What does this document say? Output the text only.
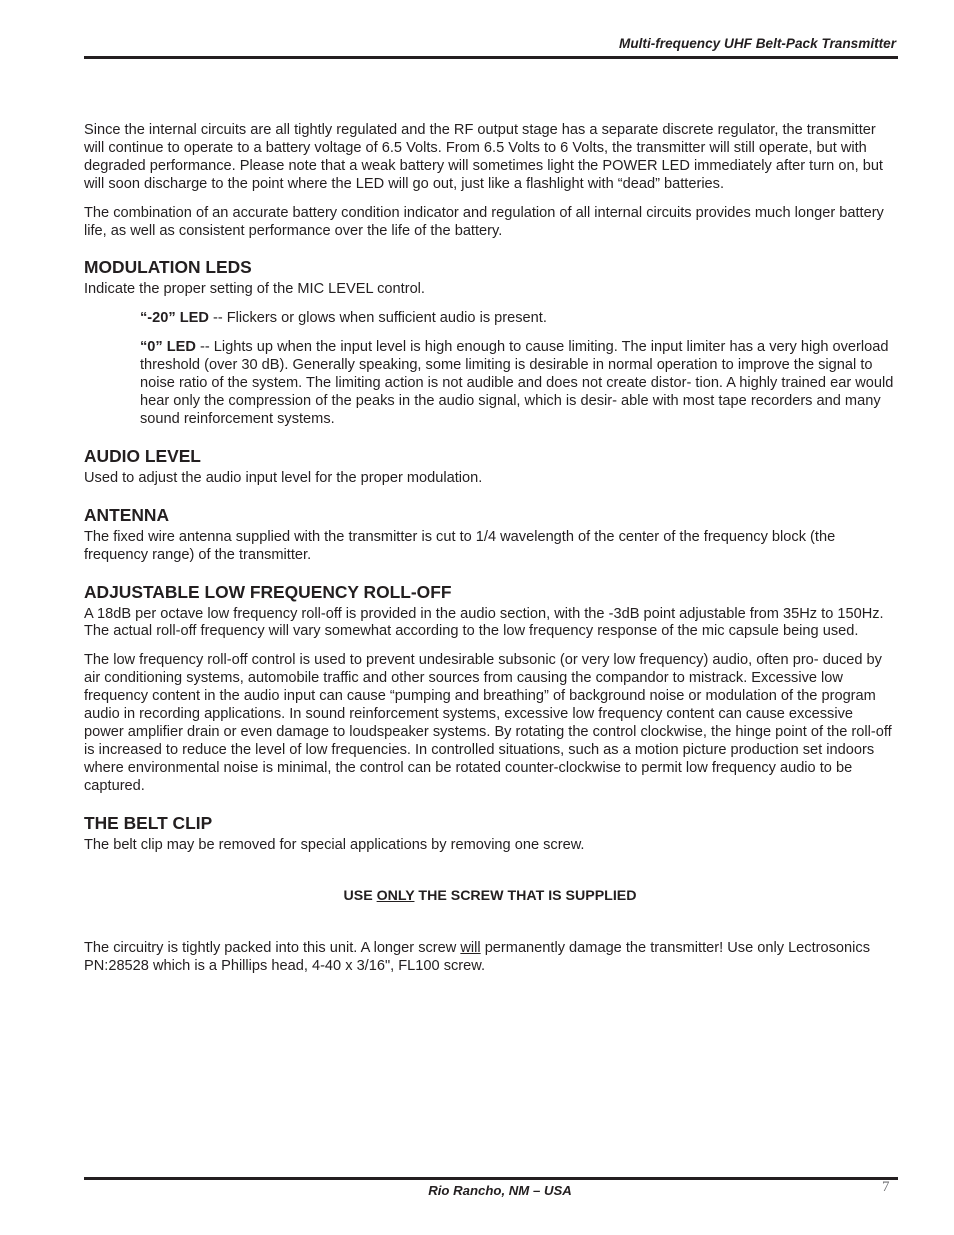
Multi-frequency UHF Belt-Pack Transmitter

Since the internal circuits are all tightly regulated and the RF output stage has a separate discrete regulator, the transmitter will continue to operate to a battery voltage of 6.5 Volts. From 6.5 Volts to 6 Volts, the transmitter will still operate, but with degraded performance. Please note that a weak battery will sometimes light the POWER LED immediately after turn on, but will soon discharge to the point where the LED will go out, just like a flashlight with “dead” batteries.

The combination of an accurate battery condition indicator and regulation of all internal circuits provides much longer battery life, as well as consistent performance over the life of the battery.

MODULATION LEDS

Indicate the proper setting of the MIC LEVEL control.

“-20” LED -- Flickers or glows when sufficient audio is present.

“0” LED -- Lights up when the input level is high enough to cause limiting. The input limiter has a very high overload threshold (over 30 dB). Generally speaking, some limiting is desirable in normal operation to improve the signal to noise ratio of the system. The limiting action is not audible and does not create distor- tion. A highly trained ear would hear only the compression of the peaks in the audio signal, which is desir- able with most tape recorders and many sound reinforcement systems.

AUDIO LEVEL

Used to adjust the audio input level for the proper modulation.

ANTENNA

The fixed wire antenna supplied with the transmitter is cut to 1/4 wavelength of the center of the frequency block (the frequency range) of the transmitter.

ADJUSTABLE LOW FREQUENCY ROLL-OFF

A 18dB per octave low frequency roll-off is provided in the audio section, with the -3dB point adjustable from 35Hz to 150Hz. The actual roll-off frequency will vary somewhat according to the low frequency response of the mic capsule being used.

The low frequency roll-off control is used to prevent undesirable subsonic (or very low frequency) audio, often pro- duced by air conditioning systems, automobile traffic and other sources from causing the compandor to mistrack. Excessive low frequency content in the audio input can cause “pumping and breathing” of background noise or modulation of the program audio in recording applications. In sound reinforcement systems, excessive low frequency content can cause excessive power amplifier drain or even damage to loudspeaker systems. By rotating the control clockwise, the hinge point of the roll-off is increased to reduce the level of low frequencies. In controlled situations, such as a motion picture production set indoors where environmental noise is minimal, the control can be rotated counter-clockwise to permit low frequency audio to be captured.

THE BELT CLIP

The belt clip may be removed for special applications by removing one screw.

USE ONLY THE SCREW THAT IS SUPPLIED

The circuitry is tightly packed into this unit. A longer screw will permanently damage the transmitter! Use only Lectrosonics PN:28528 which is a Phillips head, 4-40 x 3/16", FL100 screw.

Rio Rancho, NM – USA	7
